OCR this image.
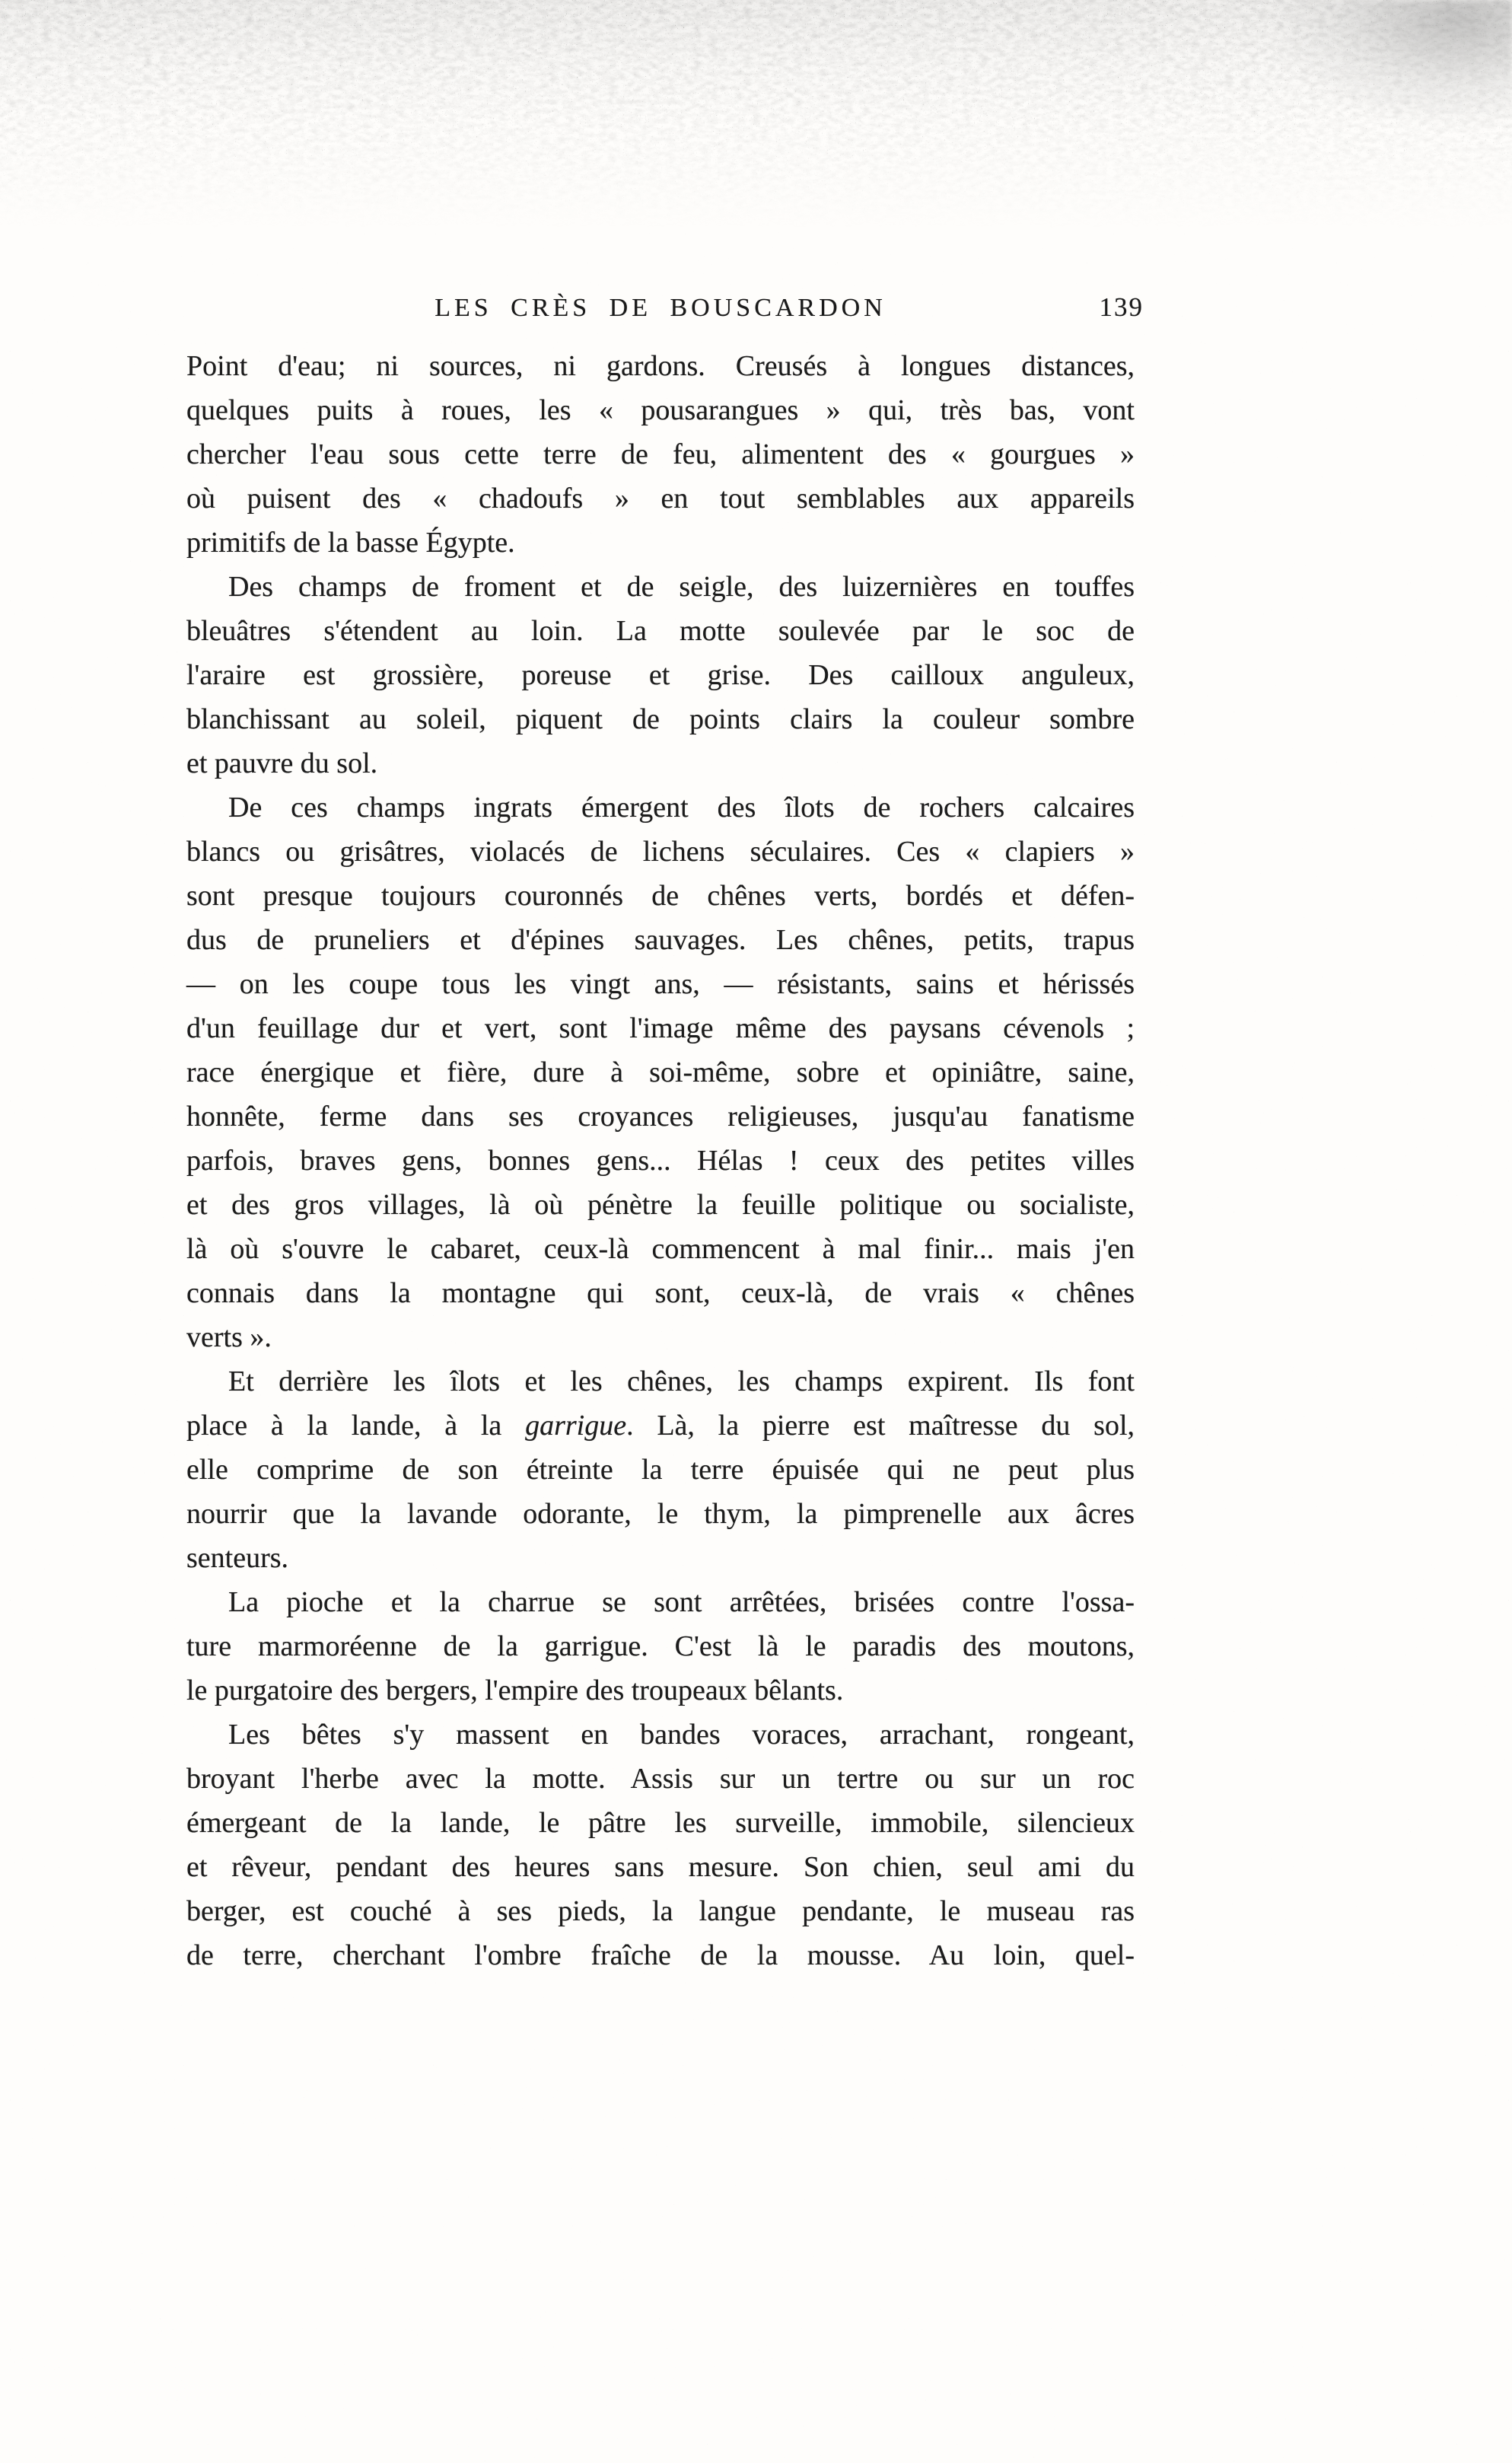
LES CRÈS DE BOUSCARDON	139
Point d'eau; ni sources, ni gardons. Creusés à longues distances,
quelques puits à roues, les « pousarangues » qui, très bas, vont
chercher l'eau sous cette terre de feu, alimentent des « gourgues »
où puisent des « chadoufs » en tout semblables aux appareils
primitifs de la basse Égypte.
Des champs de froment et de seigle, des luizernières en touffes
bleuâtres s'étendent au loin. La motte soulevée par le soc de
l'araire est grossière, poreuse et grise. Des cailloux anguleux,
blanchissant au soleil, piquent de points clairs la couleur sombre
et pauvre du sol.
De ces champs ingrats émergent des îlots de rochers calcaires
blancs ou grisâtres, violacés de lichens séculaires. Ces « clapiers »
sont presque toujours couronnés de chênes verts, bordés et défen-
dus de pruneliers et d'épines sauvages. Les chênes, petits, trapus
— on les coupe tous les vingt ans, — résistants, sains et hérissés
d'un feuillage dur et vert, sont l'image même des paysans cévenols ;
race énergique et fière, dure à soi-même, sobre et opiniâtre, saine,
honnête, ferme dans ses croyances religieuses, jusqu'au fanatisme
parfois, braves gens, bonnes gens... Hélas ! ceux des petites villes
et des gros villages, là où pénètre la feuille politique ou socialiste,
là où s'ouvre le cabaret, ceux-là commencent à mal finir... mais j'en
connais dans la montagne qui sont, ceux-là, de vrais « chênes
verts ».
Et derrière les îlots et les chênes, les champs expirent. Ils font
place à la lande, à la garrigue. Là, la pierre est maîtresse du sol,
elle comprime de son étreinte la terre épuisée qui ne peut plus
nourrir que la lavande odorante, le thym, la pimprenelle aux âcres
senteurs.
La pioche et la charrue se sont arrêtées, brisées contre l'ossa-
ture marmoréenne de la garrigue. C'est là le paradis des moutons,
le purgatoire des bergers, l'empire des troupeaux bêlants.
Les bêtes s'y massent en bandes voraces, arrachant, rongeant,
broyant l'herbe avec la motte. Assis sur un tertre ou sur un roc
émergeant de la lande, le pâtre les surveille, immobile, silencieux
et rêveur, pendant des heures sans mesure. Son chien, seul ami du
berger, est couché à ses pieds, la langue pendante, le museau ras
de terre, cherchant l'ombre fraîche de la mousse. Au loin, quel-
